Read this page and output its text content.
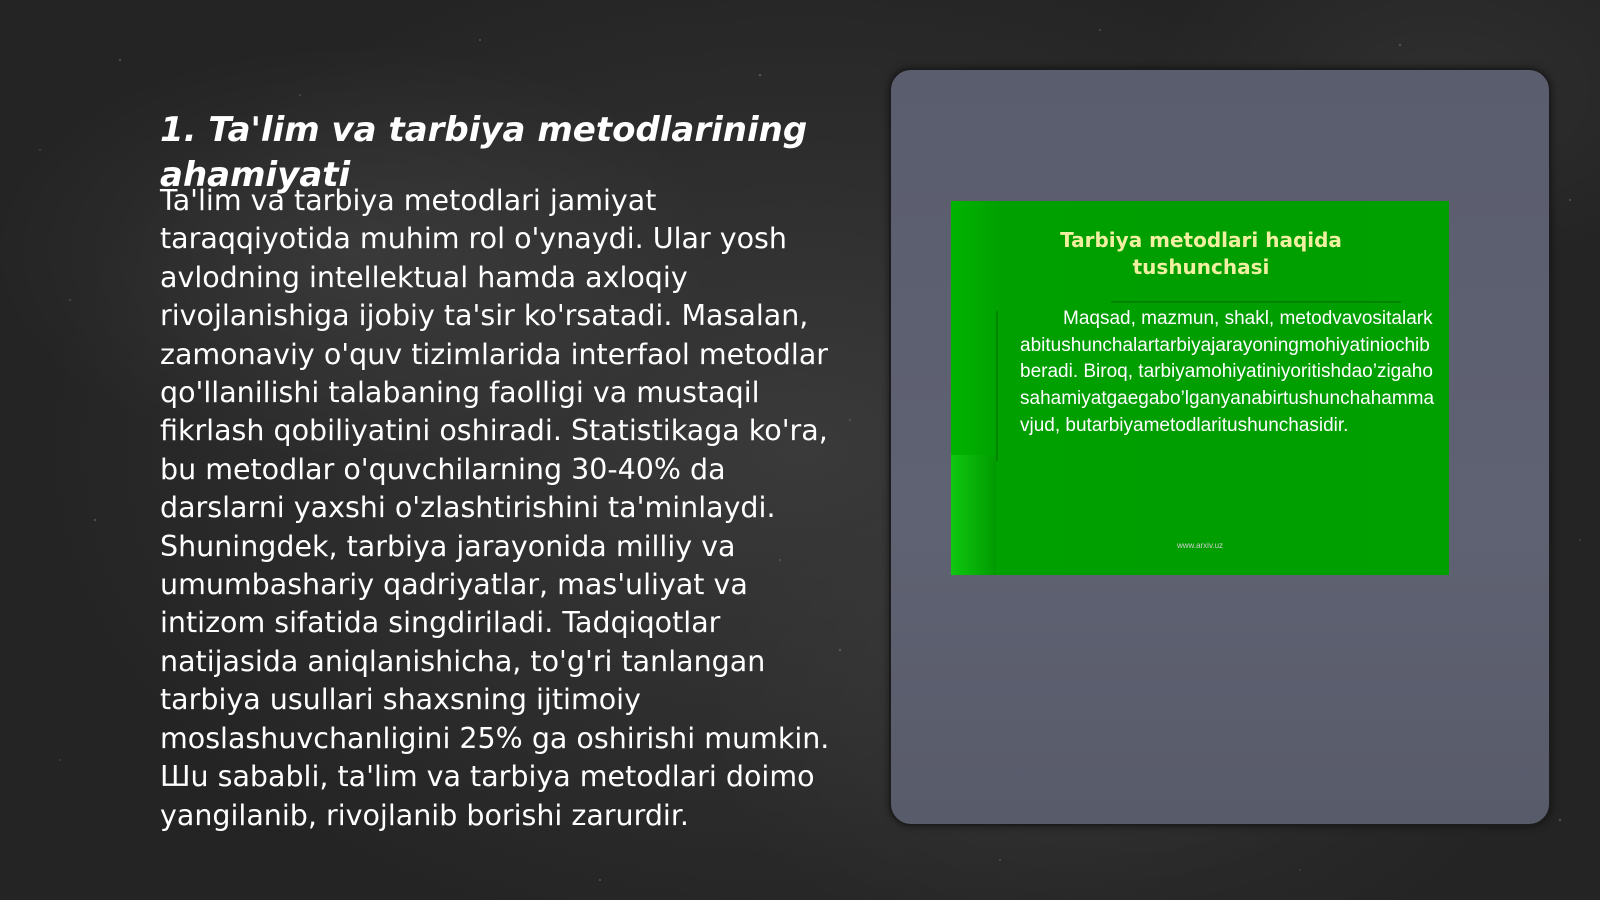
1. Ta'lim va tarbiya metodlarining ahamiyati

Ta'lim va tarbiya metodlari jamiyat taraqqiyotida muhim rol o'ynaydi. Ular yosh avlodning intellektual hamda axloqiy rivojlanishiga ijobiy ta'sir ko'rsatadi. Masalan, zamonaviy o'quv tizimlarida interfaol metodlar qo'llanilishi talabaning faolligi va mustaqil fikrlash qobiliyatini oshiradi. Statistikaga ko'ra, bu metodlar o'quvchilarning 30-40% da darslarni yaxshi o'zlashtirishini ta'minlaydi. Shuningdek, tarbiya jarayonida milliy va umumbashariy qadriyatlar, mas'uliyat va intizom sifatida singdiriladi. Tadqiqotlar natijasida aniqlanishicha, to'g'ri tanlangan tarbiya usullari shaxsning ijtimoiy moslashuvchanligini 25% ga oshirishi mumkin. Шu sababli, ta'lim va tarbiya metodlari doimo yangilanib, rivojlanib borishi zarurdir.

Tarbiya metodlari haqida tushunchasi

Maqsad, mazmun, shakl, metodvavositalarkabitushunchalartarbiyajarayoningmohiyatiniochibberadi. Biroq, tarbiyamohiyatiniyoritishdao’zigahosahamiyatgaegabo’lganyanabirtushunchahammavjud, butarbiyametodlaritushunchasidir.

www.arxiv.uz
